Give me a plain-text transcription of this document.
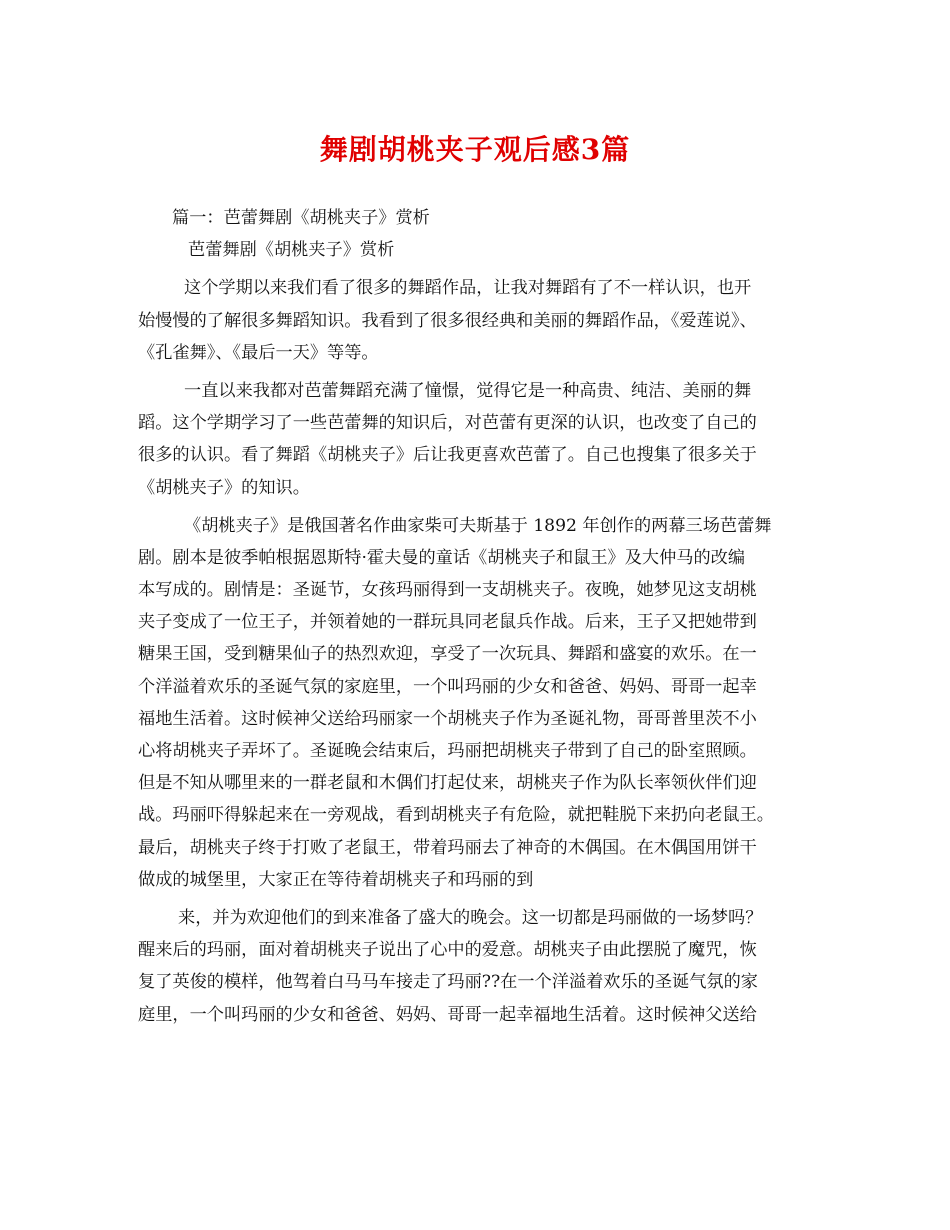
舞剧胡桃夹子观后感3篇
篇一：芭蕾舞剧《胡桃夹子》赏析
芭蕾舞剧《胡桃夹子》赏析
这个学期以来我们看了很多的舞蹈作品，让我对舞蹈有了不一样认识，也开
始慢慢的了解很多舞蹈知识。我看到了很多很经典和美丽的舞蹈作品，《爱莲说》、
《孔雀舞》、《最后一天》等等。
一直以来我都对芭蕾舞蹈充满了憧憬，觉得它是一种高贵、纯洁、美丽的舞
蹈。这个学期学习了一些芭蕾舞的知识后，对芭蕾有更深的认识，也改变了自己的
很多的认识。看了舞蹈《胡桃夹子》后让我更喜欢芭蕾了。自己也搜集了很多关于
《胡桃夹子》的知识。
《胡桃夹子》是俄国著名作曲家柴可夫斯基于 1892 年创作的两幕三场芭蕾舞
剧。剧本是彼季帕根据恩斯特·霍夫曼的童话《胡桃夹子和鼠王》及大仲马的改编
本写成的。剧情是：圣诞节，女孩玛丽得到一支胡桃夹子。夜晚，她梦见这支胡桃
夹子变成了一位王子，并领着她的一群玩具同老鼠兵作战。后来，王子又把她带到
糖果王国，受到糖果仙子的热烈欢迎，享受了一次玩具、舞蹈和盛宴的欢乐。在一
个洋溢着欢乐的圣诞气氛的家庭里，一个叫玛丽的少女和爸爸、妈妈、哥哥一起幸
福地生活着。这时候神父送给玛丽家一个胡桃夹子作为圣诞礼物，哥哥普里茨不小
心将胡桃夹子弄坏了。圣诞晚会结束后，玛丽把胡桃夹子带到了自己的卧室照顾。
但是不知从哪里来的一群老鼠和木偶们打起仗来，胡桃夹子作为队长率领伙伴们迎
战。玛丽吓得躲起来在一旁观战，看到胡桃夹子有危险，就把鞋脱下来扔向老鼠王。
最后，胡桃夹子终于打败了老鼠王，带着玛丽去了神奇的木偶国。在木偶国用饼干
做成的城堡里，大家正在等待着胡桃夹子和玛丽的到
来，并为欢迎他们的到来准备了盛大的晚会。这一切都是玛丽做的一场梦吗？
醒来后的玛丽，面对着胡桃夹子说出了心中的爱意。胡桃夹子由此摆脱了魔咒，恢
复了英俊的模样，他驾着白马马车接走了玛丽??在一个洋溢着欢乐的圣诞气氛的家
庭里，一个叫玛丽的少女和爸爸、妈妈、哥哥一起幸福地生活着。这时候神父送给
